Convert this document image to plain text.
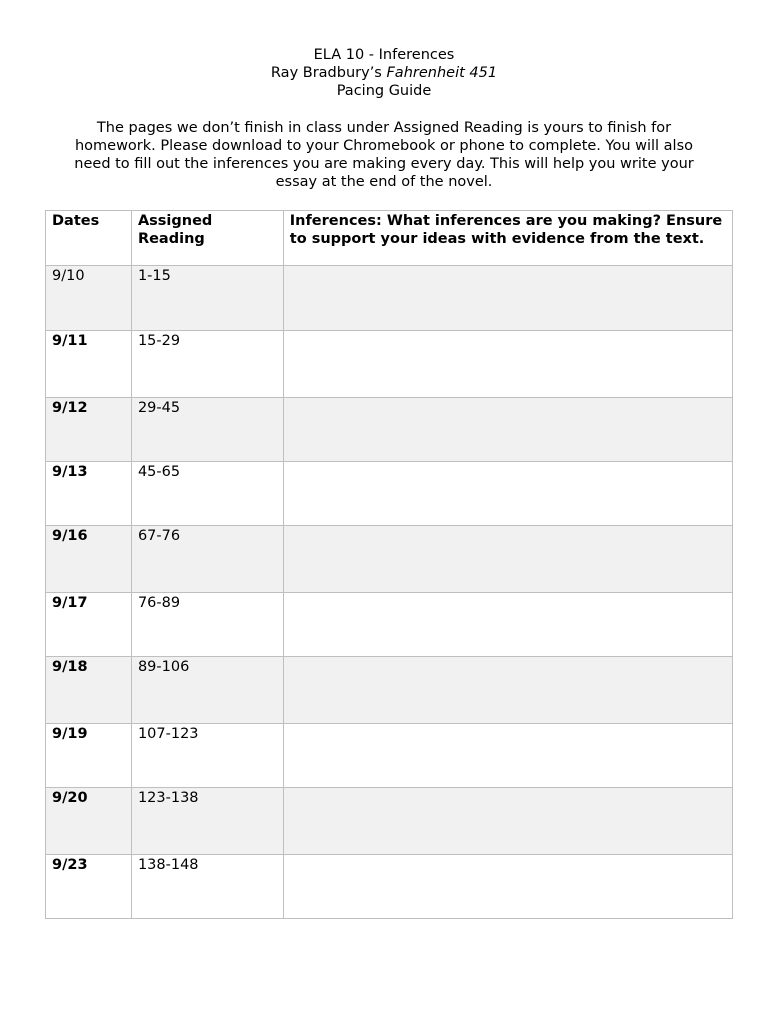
ELA 10 - Inferences
Ray Bradbury’s Fahrenheit 451
Pacing Guide

The pages we don’t finish in class under Assigned Reading is yours to finish for homework. Please download to your Chromebook or phone to complete. You will also need to fill out the inferences you are making every day. This will help you write your essay at the end of the novel.

Dates	Assigned Reading	Inferences: What inferences are you making? Ensure to support your ideas with evidence from the text.
9/10	1-15	
9/11	15-29	
9/12	29-45	
9/13	45-65	
9/16	67-76	
9/17	76-89	
9/18	89-106	
9/19	107-123	
9/20	123-138	
9/23	138-148	
